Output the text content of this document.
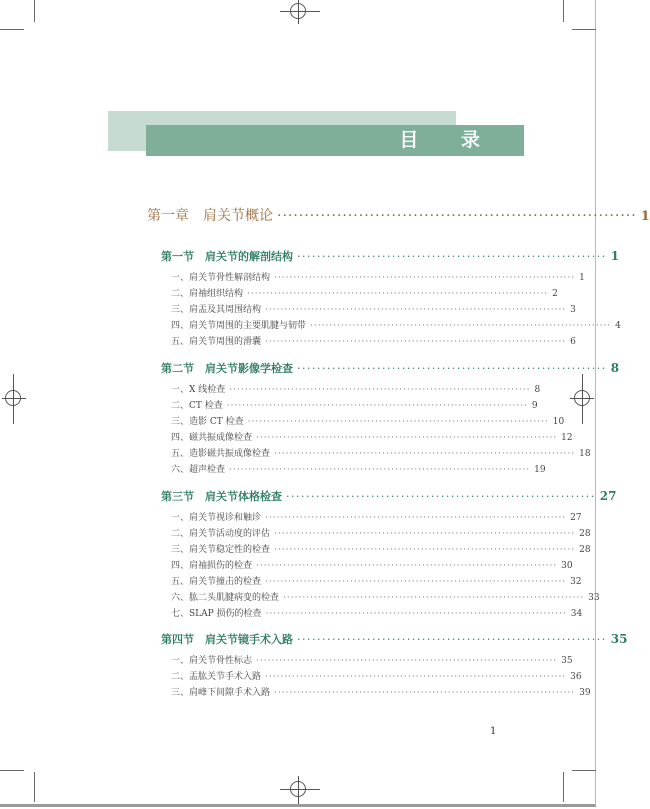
目 录
第一章　肩关节概论 ·································································· 1
第一节　肩关节的解剖结构 ······························································ 1
一、肩关节骨性解剖结构 ·············································································· 1
二、肩袖组织结构 ·············································································· 2
三、肩盂及其周围结构 ·············································································· 3
四、肩关节周围的主要肌腱与韧带 ·············································································· 4
五、肩关节周围的滑囊 ·············································································· 6
第二节　肩关节影像学检查 ······························································ 8
一、X 线检查 ·············································································· 8
二、CT 检查 ·············································································· 9
三、造影 CT 检查 ·············································································· 10
四、磁共振成像检查 ·············································································· 12
五、造影磁共振成像检查 ·············································································· 18
六、超声检查 ·············································································· 19
第三节　肩关节体格检查 ······························································ 27
一、肩关节视诊和触诊 ·············································································· 27
二、肩关节活动度的评估 ·············································································· 28
三、肩关节稳定性的检查 ·············································································· 28
四、肩袖损伤的检查 ·············································································· 30
五、肩关节撞击的检查 ·············································································· 32
六、肱二头肌腱病变的检查 ·············································································· 33
七、SLAP 损伤的检查 ·············································································· 34
第四节　肩关节镜手术入路 ······························································ 35
一、肩关节骨性标志 ·············································································· 35
二、盂肱关节手术入路 ·············································································· 36
三、肩峰下间隙手术入路 ·············································································· 39
1
